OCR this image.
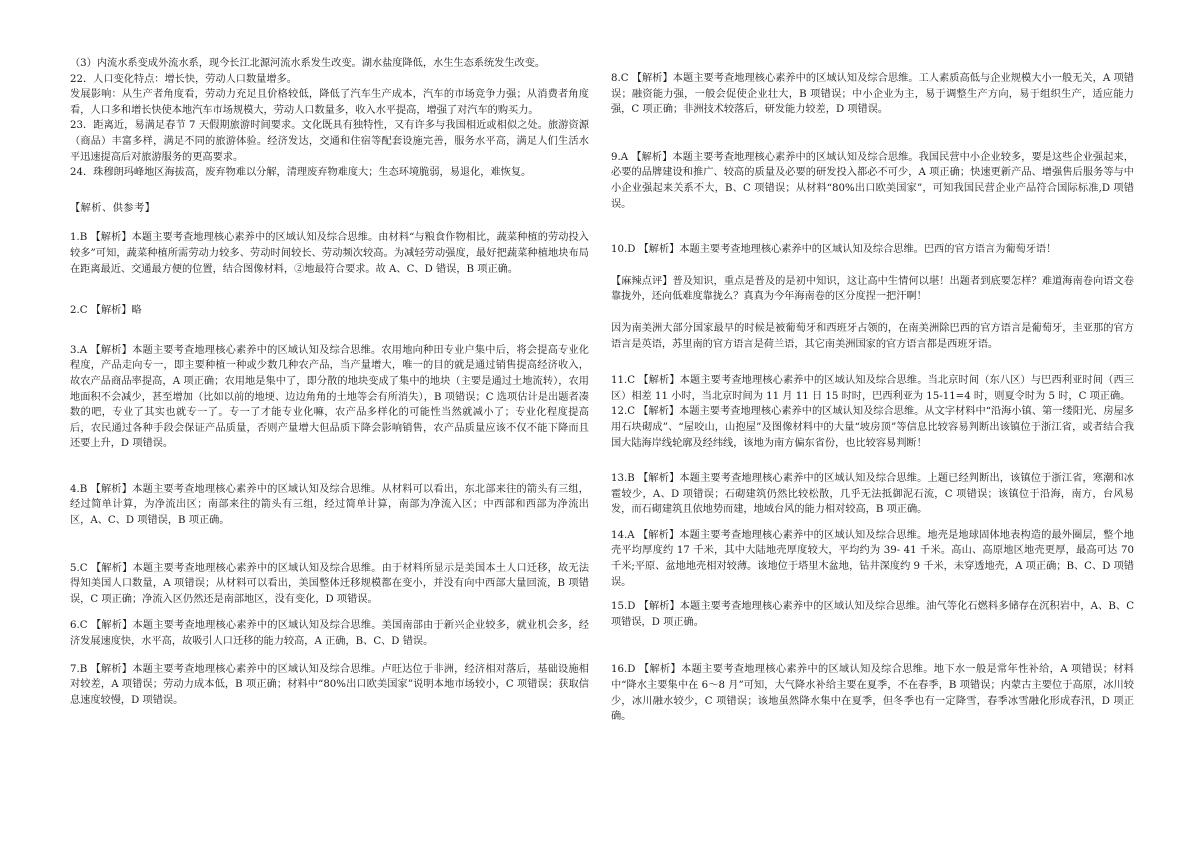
（3）内流水系变成外流水系，现今长江北源河流水系发生改变。湖水盐度降低，水生生态系统发生改变。

22．人口变化特点：增长快，劳动人口数量增多。

发展影响：从生产者角度看，劳动力充足且价格较低，降低了汽车生产成本，汽车的市场竞争力强；从消费者角度看，人口多和增长快使本地汽车市场规模大，劳动人口数量多，收入水平提高，增强了对汽车的购买力。

23．距离近，易满足春节 7 天假期旅游时间要求。文化既具有独特性，又有许多与我国相近或相似之处。旅游资源（商品）丰富多样，满足不同的旅游体验。经济发达，交通和住宿等配套设施完善，服务水平高，满足人们生活水平迅速提高后对旅游服务的更高要求。

24．珠穆朗玛峰地区海拔高，废弃物难以分解，清理废弃物难度大；生态环境脆弱，易退化，难恢复。

【解析、供参考】

1.B 【解析】本题主要考查地理核心素养中的区域认知及综合思维。由材料“与粮食作物相比，蔬菜种植的劳动投入较多”可知，蔬菜种植所需劳动力较多、劳动时间较长、劳动频次较高。为减轻劳动强度，最好把蔬菜种植地块布局在距离最近、交通最方便的位置，结合图像材料，②地最符合要求。故 A、C、D 错误，B 项正确。

2.C 【解析】略

3.A 【解析】本题主要考查地理核心素养中的区域认知及综合思维。农用地向种田专业户集中后，将会提高专业化程度，产品走向专一，即主要种植一种或少数几种农产品，当产量增大，唯一的目的就是通过销售提高经济收入，故农产品商品率提高，A 项正确；农用地是集中了，即分散的地块变成了集中的地块（主要是通过土地流转），农用地面积不会减少，甚至增加（比如以前的地埂、边边角角的土地等会有所消失），B 项错误；C 选项估计是出题者凑数的吧，专业了其实也就专一了。专一了才能专业化嘛，农产品多样化的可能性当然就减小了；专业化程度提高后，农民通过各种手段会保证产品质量，否则产量增大但品质下降会影响销售，农产品质量应该不仅不能下降而且还要上升，D 项错误。

4.B 【解析】本题主要考查地理核心素养中的区域认知及综合思维。从材料可以看出，东北部来往的箭头有三组，经过简单计算，为净流出区；南部来往的箭头有三组，经过简单计算，南部为净流入区；中西部和西部为净流出区，A、C、D 项错误，B 项正确。

5.C 【解析】本题主要考查地理核心素养中的区域认知及综合思维。由于材料所显示是美国本土人口迁移，故无法得知美国人口数量，A 项错误；从材料可以看出，美国整体迁移规模都在变小，并没有向中西部大量回流，B 项错误，C 项正确；净流入区仍然还是南部地区，没有变化，D 项错误。

6.C 【解析】本题主要考查地理核心素养中的区域认知及综合思维。美国南部由于新兴企业较多，就业机会多，经济发展速度快，水平高，故吸引人口迁移的能力较高，A 正确，B、C、D 错误。

7.B 【解析】本题主要考查地理核心素养中的区域认知及综合思维。卢旺达位于非洲，经济相对落后，基础设施相对较差，A 项错误；劳动力成本低，B 项正确；材料中“80%出口欧美国家”说明本地市场较小，C 项错误；获取信息速度较慢，D 项错误。

8.C 【解析】本题主要考查地理核心素养中的区域认知及综合思维。工人素质高低与企业规模大小一般无关，A 项错误；融资能力强，一般会促使企业壮大，B 项错误；中小企业为主，易于调整生产方向，易于组织生产，适应能力强，C 项正确；非洲技术较落后，研发能力较差，D 项错误。

9.A 【解析】本题主要考查地理核心素养中的区域认知及综合思维。我国民营中小企业较多，要是这些企业强起来，必要的品牌建设和推广、较高的质量及必要的研发投入都必不可少，A 项正确；快速更新产品、增强售后服务等与中小企业强起来关系不大，B、C 项错误；从材料“80%出口欧美国家”，可知我国民营企业产品符合国际标准,D 项错误。

10.D 【解析】本题主要考查地理核心素养中的区域认知及综合思维。巴西的官方语言为葡萄牙语！

【麻辣点评】普及知识，重点是普及的是初中知识，这让高中生情何以堪！出题者到底要怎样？难道海南卷向语文卷靠拢外，还向低难度靠拢么？真真为今年海南卷的区分度捏一把汗啊！

因为南美洲大部分国家最早的时候是被葡萄牙和西班牙占领的，在南美洲除巴西的官方语言是葡萄牙，圭亚那的官方语言是英语，苏里南的官方语言是荷兰语，其它南美洲国家的官方语言都是西班牙语。

11.C 【解析】本题主要考查地理核心素养中的区域认知及综合思维。当北京时间（东八区）与巴西利亚时间（西三区）相差 11 小时，当北京时间为 11 月 11 日 15 时时，巴西利亚为 15-11=4 时，则夏令时为 5 时，C 项正确。

12.C 【解析】本题主要考查地理核心素养中的区域认知及综合思维。从文字材料中“沿海小镇、第一缕阳光、房屋多用石块砌成”、“屋咬山，山抱屋”及图像材料中的大量“坡房顶”等信息比较容易判断出该镇位于浙江省，或者结合我国大陆海岸线轮廓及经纬线，该地为南方偏东省份，也比较容易判断！

13.B 【解析】本题主要考查地理核心素养中的区域认知及综合思维。上题已经判断出，该镇位于浙江省，寒潮和冰雹较少，A、D 项错误；石砌建筑仍然比较松散，几乎无法抵御泥石流，C 项错误；该镇位于沿海，南方，台风易发，而石砌建筑且依地势而建，地域台风的能力相对较高，B 项正确。

14.A 【解析】本题主要考查地理核心素养中的区域认知及综合思维。地壳是地球固体地表构造的最外圈层，整个地壳平均厚度约 17 千米，其中大陆地壳厚度较大，平均约为 39- 41 千米。高山、高原地区地壳更厚，最高可达 70 千米;平原、盆地地壳相对较薄。该地位于塔里木盆地，钻井深度约 9 千米，未穿透地壳，A 项正确；B、C、D 项错误。

15.D 【解析】本题主要考查地理核心素养中的区域认知及综合思维。油气等化石燃料多储存在沉积岩中，A、B、C 项错误，D 项正确。

16.D 【解析】本题主要考查地理核心素养中的区域认知及综合思维。地下水一般是常年性补给，A 项错误；材料中“降水主要集中在 6～8 月”可知，大气降水补给主要在夏季，不在春季，B 项错误；内蒙古主要位于高原，冰川较少，冰川融水较少，C 项错误；该地虽然降水集中在夏季，但冬季也有一定降雪，春季冰雪融化形成春汛，D 项正确。
